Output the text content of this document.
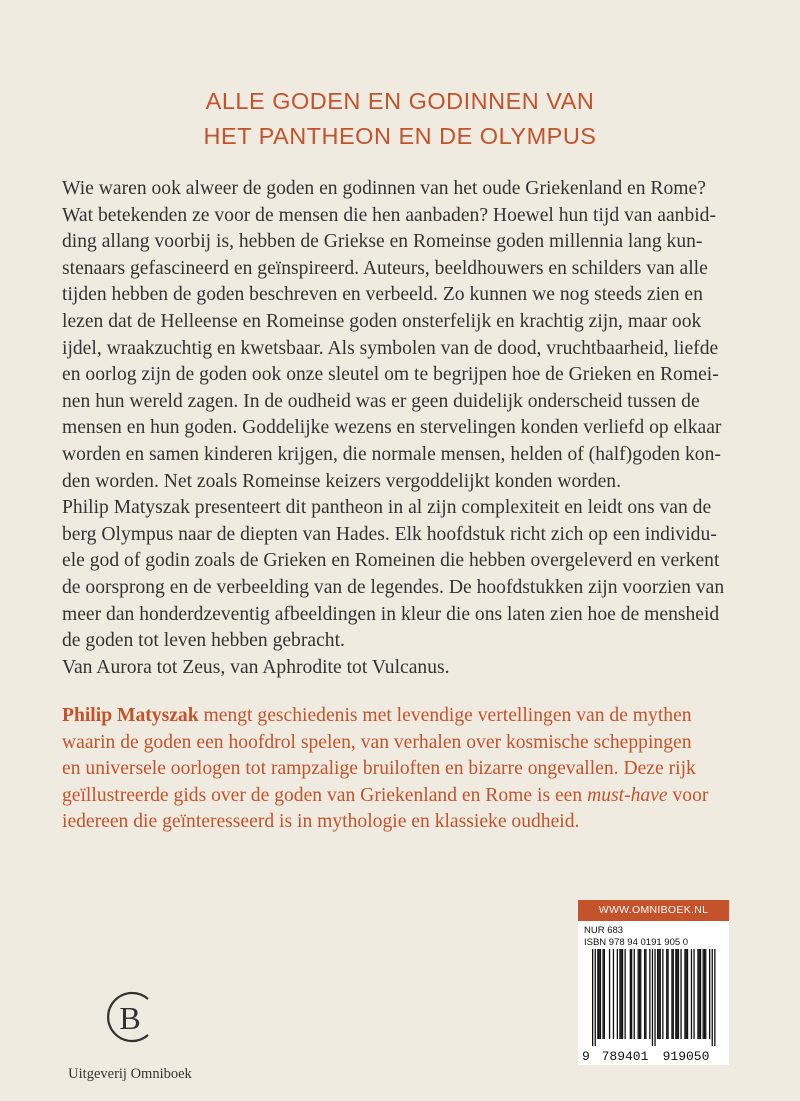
ALLE GODEN EN GODINNEN VAN
HET PANTHEON EN DE OLYMPUS
Wie waren ook alweer de goden en godinnen van het oude Griekenland en Rome?
Wat betekenden ze voor de mensen die hen aanbaden? Hoewel hun tijd van aanbid-
ding allang voorbij is, hebben de Griekse en Romeinse goden millennia lang kun-
stenaars gefascineerd en geïnspireerd. Auteurs, beeldhouwers en schilders van alle
tijden hebben de goden beschreven en verbeeld. Zo kunnen we nog steeds zien en
lezen dat de Helleense en Romeinse goden onsterfelijk en krachtig zijn, maar ook
ijdel, wraakzuchtig en kwetsbaar. Als symbolen van de dood, vruchtbaarheid, liefde
en oorlog zijn de goden ook onze sleutel om te begrijpen hoe de Grieken en Romei-
nen hun wereld zagen. In de oudheid was er geen duidelijk onderscheid tussen de
mensen en hun goden. Goddelijke wezens en stervelingen konden verliefd op elkaar
worden en samen kinderen krijgen, die normale mensen, helden of (half)goden kon-
den worden. Net zoals Romeinse keizers vergoddelijkt konden worden.
Philip Matyszak presenteert dit pantheon in al zijn complexiteit en leidt ons van de
berg Olympus naar de diepten van Hades. Elk hoofdstuk richt zich op een individu-
ele god of godin zoals de Grieken en Romeinen die hebben overgeleverd en verkent
de oorsprong en de verbeelding van de legendes. De hoofdstukken zijn voorzien van
meer dan honderdzeventig afbeeldingen in kleur die ons laten zien hoe de mensheid
de goden tot leven hebben gebracht.
Van Aurora tot Zeus, van Aphrodite tot Vulcanus.
Philip Matyszak mengt geschiedenis met levendige vertellingen van de mythen
waarin de goden een hoofdrol spelen, van verhalen over kosmische scheppingen
en universele oorlogen tot rampzalige bruiloften en bizarre ongevallen. Deze rijk
geïllustreerde gids over de goden van Griekenland en Rome is een must-have voor
iedereen die geïnteresseerd is in mythologie en klassieke oudheid.
B
Uitgeverij Omniboek
WWW.OMNIBOEK.NL
NUR 683
ISBN 978 94 0191 905 0
9 789401 919050
